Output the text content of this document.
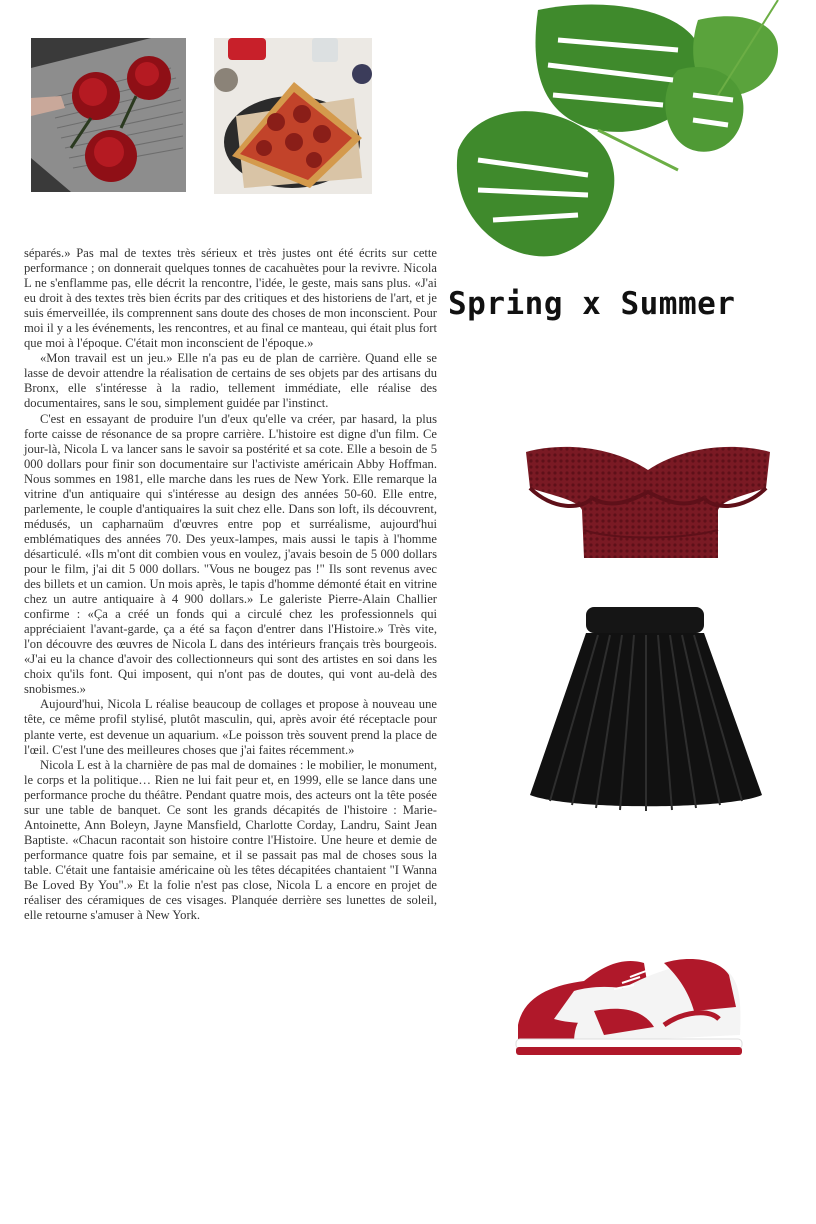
Spring x Summer

séparés.» Pas mal de textes très sérieux et très justes ont été écrits sur cette performance ; on donnerait quelques tonnes de cacahuètes pour la revivre. Nicola L ne s'enflamme pas, elle décrit la rencontre, l'idée, le geste, mais sans plus. «J'ai eu droit à des textes très bien écrits par des critiques et des historiens de l'art, et je suis émerveillée, ils comprennent sans doute des choses de mon inconscient. Pour moi il y a les événements, les rencontres, et au final ce manteau, qui était plus fort que moi à l'époque. C'était mon inconscient de l'époque.»

«Mon travail est un jeu.» Elle n'a pas eu de plan de carrière. Quand elle se lasse de devoir attendre la réalisation de certains de ses objets par des artisans du Bronx, elle s'intéresse à la radio, tellement immédiate, elle réalise des documentaires, sans le sou, simplement guidée par l'instinct.

C'est en essayant de produire l'un d'eux qu'elle va créer, par hasard, la plus forte caisse de résonance de sa propre carrière. L'histoire est digne d'un film. Ce jour-là, Nicola L va lancer sans le savoir sa postérité et sa cote. Elle a besoin de 5 000 dollars pour finir son documentaire sur l'activiste américain Abby Hoffman. Nous sommes en 1981, elle marche dans les rues de New York. Elle remarque la vitrine d'un antiquaire qui s'intéresse au design des années 50-60. Elle entre, parlemente, le couple d'antiquaires la suit chez elle. Dans son loft, ils découvrent, médusés, un capharnaüm d'œuvres entre pop et surréalisme, aujourd'hui emblématiques des années 70. Des yeux-lampes, mais aussi le tapis à l'homme désarticulé. «Ils m'ont dit combien vous en voulez, j'avais besoin de 5 000 dollars pour le film, j'ai dit 5 000 dollars. "Vous ne bougez pas !" Ils sont revenus avec des billets et un camion. Un mois après, le tapis d'homme démonté était en vitrine chez un autre antiquaire à 4 900 dollars.» Le galeriste Pierre-Alain Challier confirme : «Ça a créé un fonds qui a circulé chez les professionnels qui appréciaient l'avant-garde, ça a été sa façon d'entrer dans l'Histoire.» Très vite, l'on découvre des œuvres de Nicola L dans des intérieurs français très bourgeois. «J'ai eu la chance d'avoir des collectionneurs qui sont des artistes en soi dans les choix qu'ils font. Qui imposent, qui n'ont pas de doutes, qui vont au-delà des snobismes.»

Aujourd'hui, Nicola L réalise beaucoup de collages et propose à nouveau une tête, ce même profil stylisé, plutôt masculin, qui, après avoir été réceptacle pour plante verte, est devenue un aquarium. «Le poisson très souvent prend la place de l'œil. C'est l'une des meilleures choses que j'ai faites récemment.»

Nicola L est à la charnière de pas mal de domaines : le mobilier, le monument, le corps et la politique… Rien ne lui fait peur et, en 1999, elle se lance dans une performance proche du théâtre. Pendant quatre mois, des acteurs ont la tête posée sur une table de banquet. Ce sont les grands décapités de l'histoire : Marie-Antoinette, Ann Boleyn, Jayne Mansfield, Charlotte Corday, Landru, Saint Jean Baptiste. «Chacun racontait son histoire contre l'Histoire. Une heure et demie de performance quatre fois par semaine, et il se passait pas mal de choses sous la table. C'était une fantaisie américaine où les têtes décapitées chantaient "I Wanna Be Loved By You".» Et la folie n'est pas close, Nicola L a encore en projet de réaliser des céramiques de ces visages. Planquée derrière ses lunettes de soleil, elle retourne s'amuser à New York.
